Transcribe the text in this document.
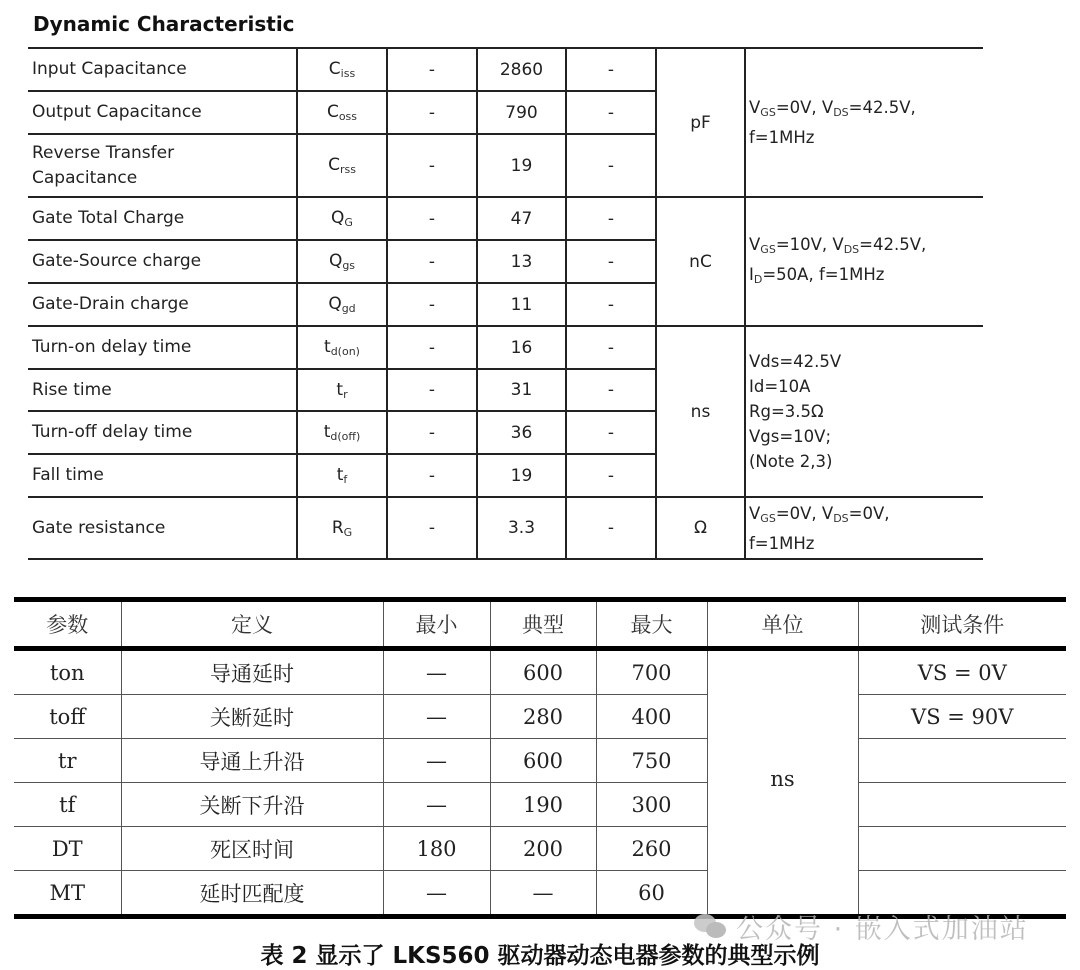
Dynamic Characteristic
Input Capacitance	$C_{iss}$	-	2860	-	pF	$V_{GS}=0V$, $V_{DS}=42.5V$,
f=1MHz
Output Capacitance	$C_{oss}$	-	790	-		
Reverse Transfer
Capacitance	$C_{rss}$	-	19	-		
Gate Total Charge	$Q_G$	-	47	-	nC	$V_{GS}=10V$, $V_{DS}=42.5V$,
$I_D=50A$, f=1MHz
Gate-Source charge	$Q_{gs}$	-	13	-		
Gate-Drain charge	$Q_{gd}$	-	11	-		
Turn-on delay time	$t_{d(on)}$	-	16	-	ns	Vds=42.5V
Id=10A
Rg=3.5Ω
Vgs=10V;
(Note 2,3)
Rise time	$t_r$	-	31	-		
Turn-off delay time	$t_{d(off)}$	-	36	-		
Fall time	$t_f$	-	19	-		
Gate resistance	$R_G$	-	3.3	-	Ω	$V_{GS}=0V$, $V_{DS}=0V$,
f=1MHz
参数	定义	最小	典型	最大	单位	测试条件
ton	导通延时	—	600	700	ns	VS = 0V
toff	关断延时	—	280	400		VS = 90V
tr	导通上升沿	—	600	750		
tf	关断下升沿	—	190	300		
DT	死区时间	180	200	260		
MT	延时匹配度	—	—	60		
公众号 · 嵌入式加油站
表 2 显示了 LKS560 驱动器动态电器参数的典型示例
